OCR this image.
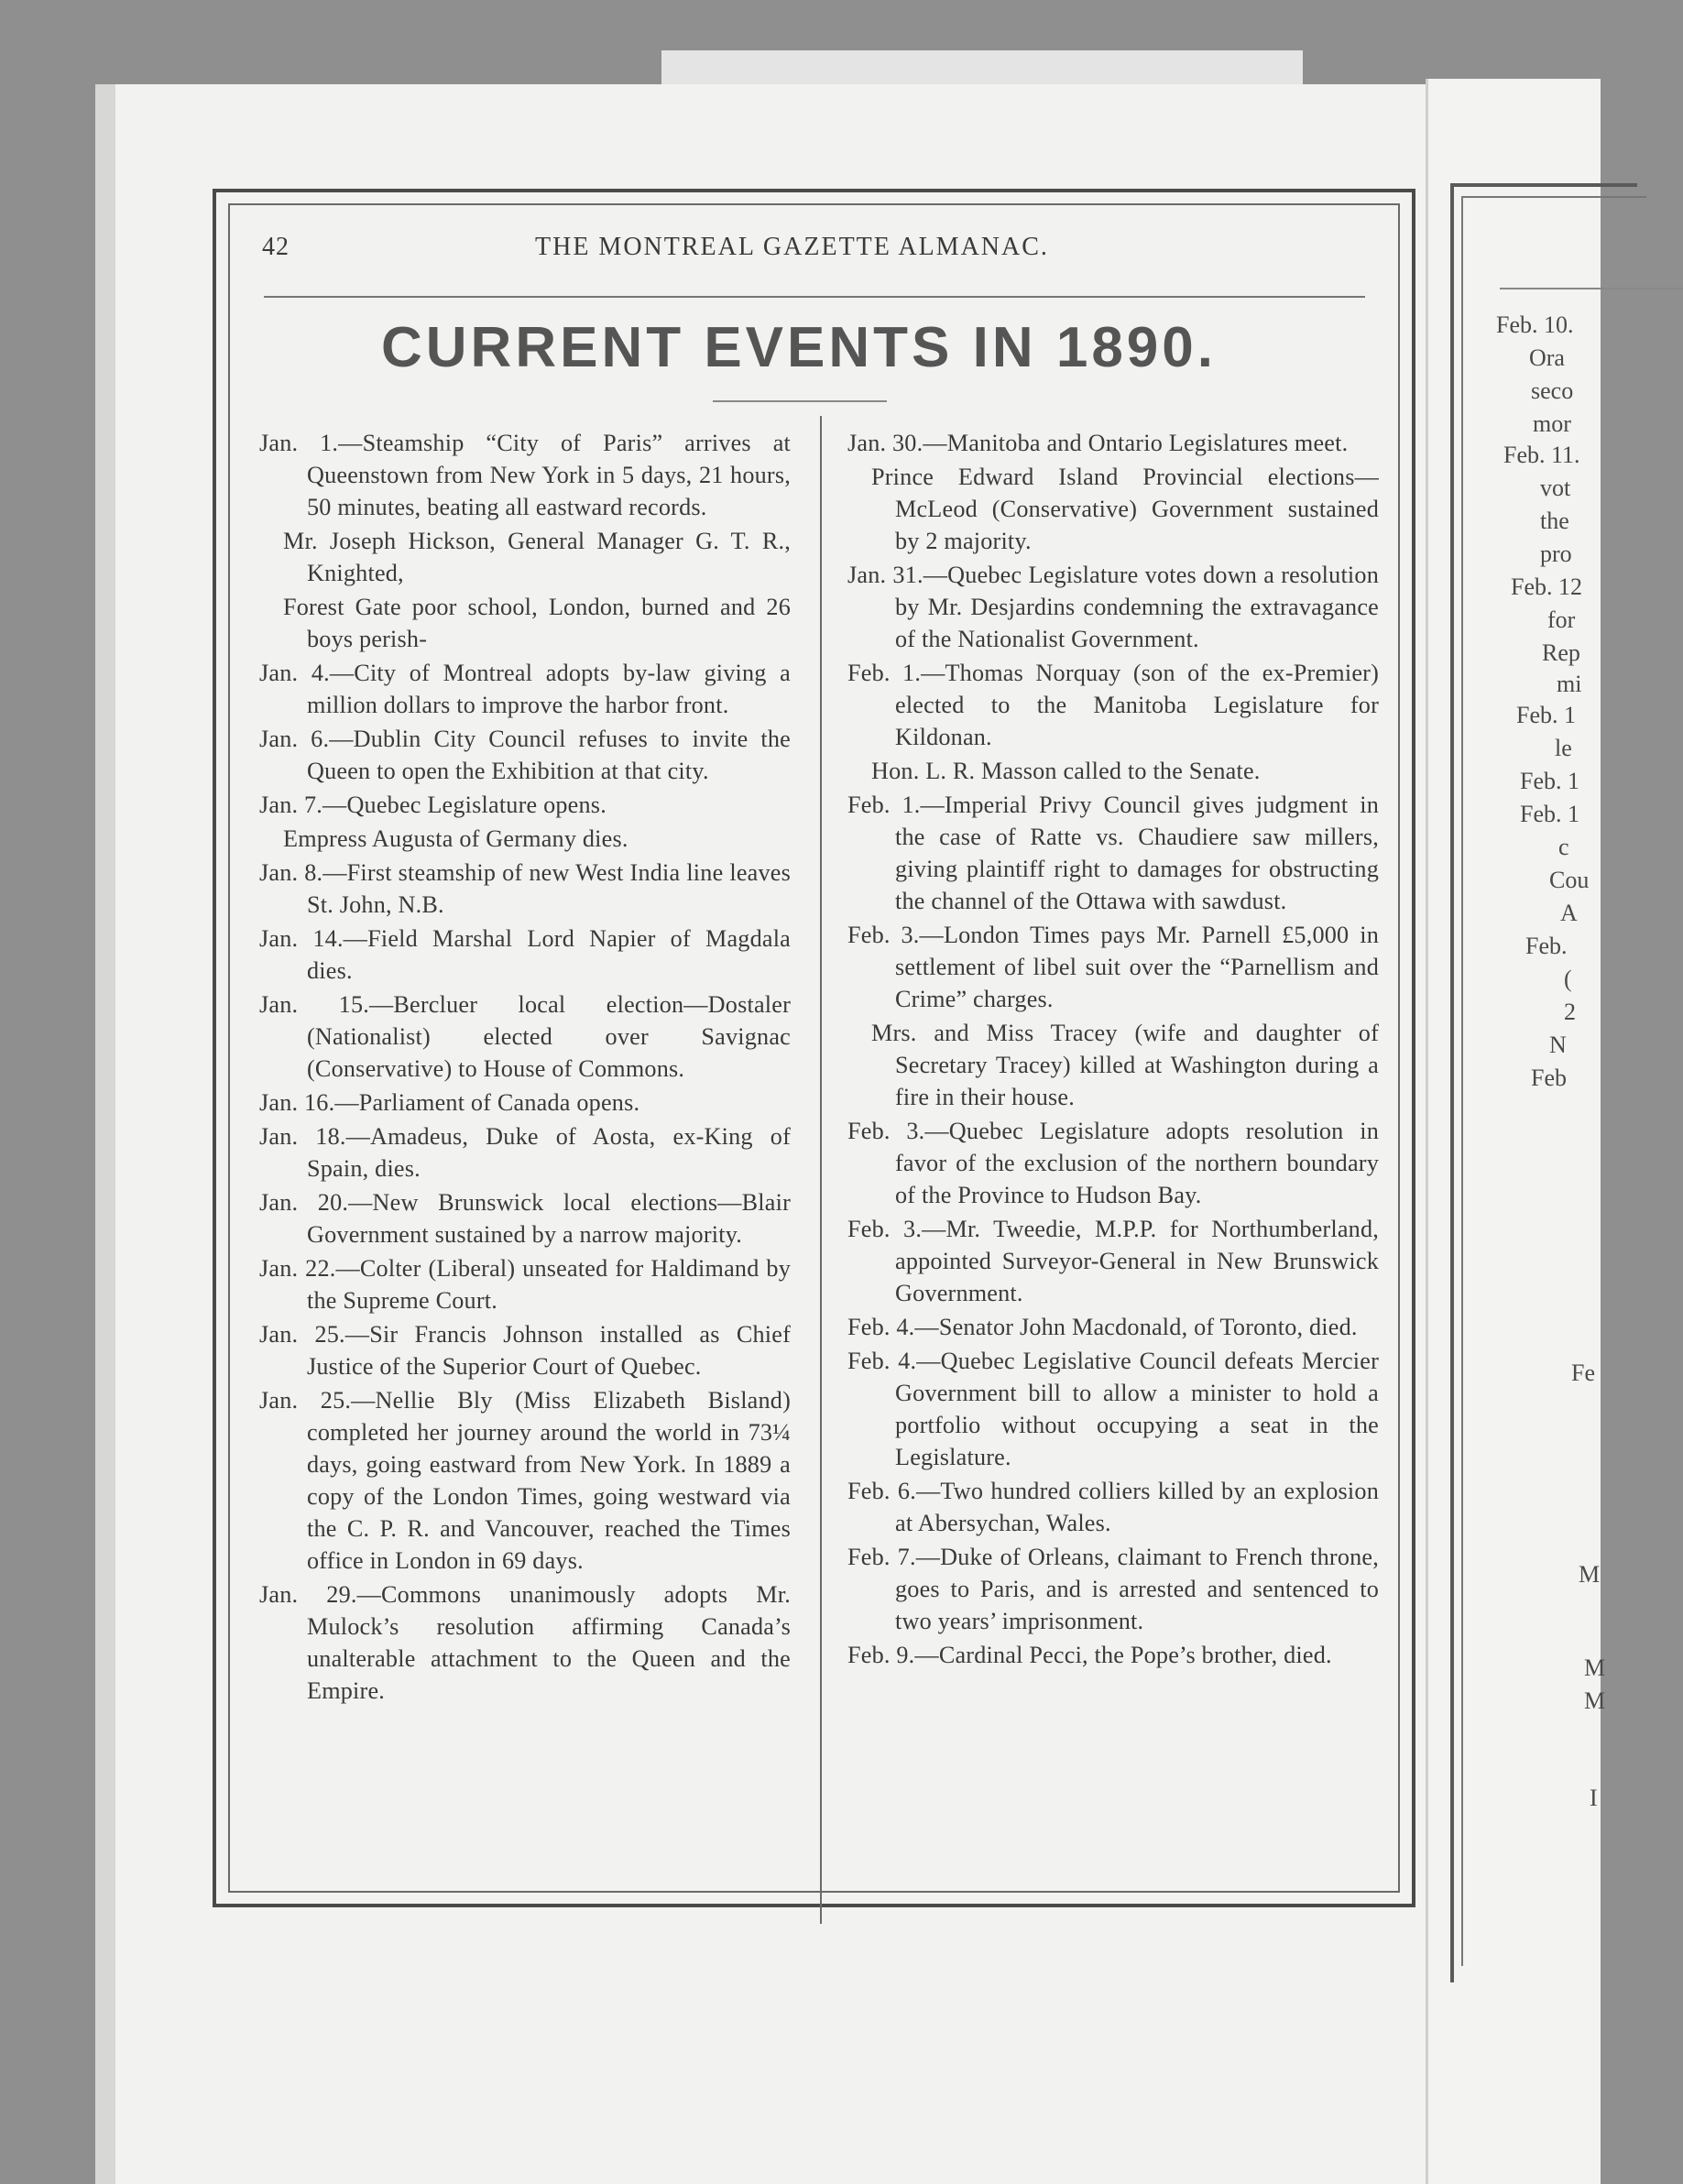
Feb. 10.
Ora
seco
mor
Feb. 11.
vot
the
pro
Feb. 12
for
Rep
mi
Feb. 1
le
Feb. 1
Feb. 1
c
Cou
A
Feb.
(
2
N
Feb
Fe
M
M
M
I
42	THE MONTREAL GAZETTE ALMANAC.
CURRENT EVENTS IN 1890.

Jan. 1.—Steamship “City of Paris” arrives at Queenstown from New York in 5 days, 21 hours, 50 minutes, beating all eastward records.

Mr. Joseph Hickson, General Manager G. T. R., Knighted,

Forest Gate poor school, London, burned and 26 boys perish-

Jan. 4.—City of Montreal adopts by-law giving a million dollars to improve the harbor front.

Jan. 6.—Dublin City Council refuses to invite the Queen to open the Exhibition at that city.

Jan. 7.—Quebec Legislature opens.

Empress Augusta of Germany dies.

Jan. 8.—First steamship of new West India line leaves St. John, N.B.

Jan. 14.—Field Marshal Lord Napier of Magdala dies.

Jan. 15.—Bercluer local election—Dostaler (Nationalist) elected over Savignac (Conservative) to House of Commons.

Jan. 16.—Parliament of Canada opens.

Jan. 18.—Amadeus, Duke of Aosta, ex-King of Spain, dies.

Jan. 20.—New Brunswick local elections—Blair Government sustained by a narrow majority.

Jan. 22.—Colter (Liberal) unseated for Haldimand by the Supreme Court.

Jan. 25.—Sir Francis Johnson installed as Chief Justice of the Superior Court of Quebec.

Jan. 25.—Nellie Bly (Miss Elizabeth Bisland) completed her journey around the world in 73¼ days, going eastward from New York. In 1889 a copy of the London Times, going westward via the C. P. R. and Vancouver, reached the Times office in London in 69 days.

Jan. 29.—Commons unanimously adopts Mr. Mulock’s resolution affirming Canada’s unalterable attachment to the Queen and the Empire.

Jan. 30.—Manitoba and Ontario Legislatures meet.

Prince Edward Island Provincial elections—McLeod (Conservative) Government sustained by 2 majority.

Jan. 31.—Quebec Legislature votes down a resolution by Mr. Desjardins condemning the extravagance of the Nationalist Government.

Feb. 1.—Thomas Norquay (son of the ex-Premier) elected to the Manitoba Legislature for Kildonan.

Hon. L. R. Masson called to the Senate.

Feb. 1.—Imperial Privy Council gives judgment in the case of Ratte vs. Chaudiere saw millers, giving plaintiff right to damages for obstructing the channel of the Ottawa with sawdust.

Feb. 3.—London Times pays Mr. Parnell £5,000 in settlement of libel suit over the “Parnellism and Crime” charges.

Mrs. and Miss Tracey (wife and daughter of Secretary Tracey) killed at Washington during a fire in their house.

Feb. 3.—Quebec Legislature adopts resolution in favor of the exclusion of the northern boundary of the Province to Hudson Bay.

Feb. 3.—Mr. Tweedie, M.P.P. for Northumberland, appointed Surveyor-General in New Brunswick Government.

Feb. 4.—Senator John Macdonald, of Toronto, died.

Feb. 4.—Quebec Legislative Council defeats Mercier Government bill to allow a minister to hold a portfolio without occupying a seat in the Legislature.

Feb. 6.—Two hundred colliers killed by an explosion at Abersychan, Wales.

Feb. 7.—Duke of Orleans, claimant to French throne, goes to Paris, and is arrested and sentenced to two years’ imprisonment.

Feb. 9.—Cardinal Pecci, the Pope’s brother, died.
